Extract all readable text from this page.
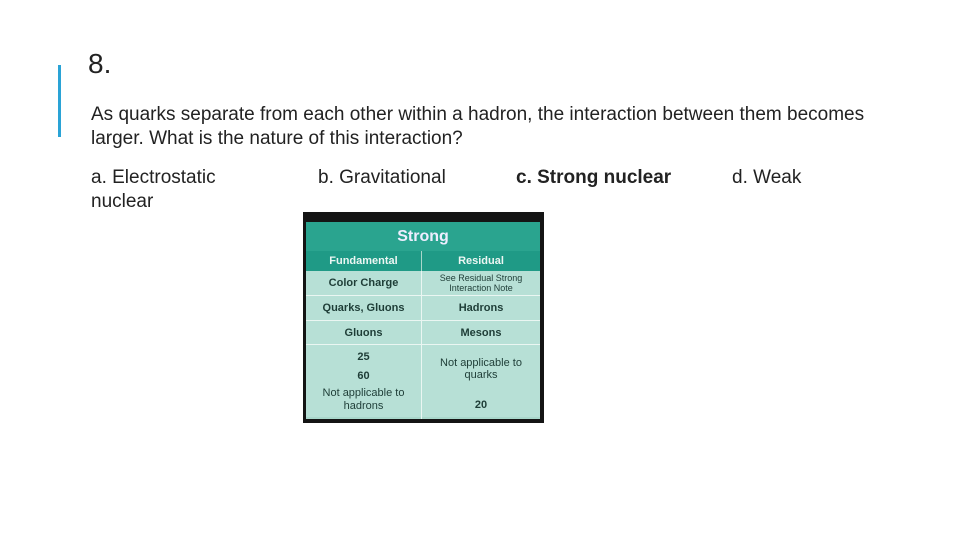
8.
As quarks separate from each other within a hadron, the interaction between them becomes larger. What is the nature of this interaction?
a. Electrostatic nuclear
b. Gravitational	c. Strong nuclear	d. Weak
Strong
Fundamental	Residual
Color Charge	See Residual Strong Interaction Note
Quarks, Gluons	Hadrons
Gluons	Mesons
25	Not applicable to quarks
60
Not applicable to hadrons	20
